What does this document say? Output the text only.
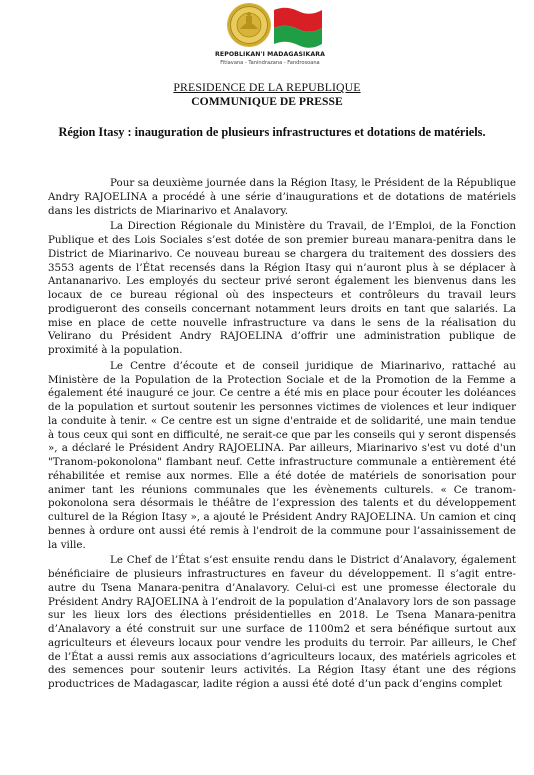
REPOBLIKAN'I MADAGASIKARA
Fitiavana - Tanindrazana - Fandrosoana
PRESIDENCE DE LA REPUBLIQUE
COMMUNIQUE DE PRESSE
Région Itasy : inauguration de plusieurs infrastructures et dotations de matériels.

Pour sa deuxième journée dans la Région Itasy, le Président de la République Andry RAJOELINA a procédé à une série d’inaugurations et de dotations de matériels dans les districts de Miarinarivo et Analavory.

La Direction Régionale du Ministère du Travail, de l’Emploi, de la Fonction Publique et des Lois Sociales s’est dotée de son premier bureau manara-penitra dans le District de Miarinarivo. Ce nouveau bureau se chargera du traitement des dossiers des 3553 agents de l’État recensés dans la Région Itasy qui n’auront plus à se déplacer à Antananarivo. Les employés du secteur privé seront également les bienvenus dans les locaux de ce bureau régional où des inspecteurs et contrôleurs du travail leurs prodigueront des conseils concernant notamment leurs droits en tant que salariés. La mise en place de cette nouvelle infrastructure va dans le sens de la réalisation du Velirano du Président Andry RAJOELINA d’offrir une administration publique de proximité à la population.

Le Centre d’écoute et de conseil juridique de Miarinarivo, rattaché au Ministère de la Population de la Protection Sociale et de la Promotion de la Femme a également été inauguré ce jour. Ce centre a été mis en place pour écouter les doléances de la population et surtout soutenir les personnes victimes de violences et leur indiquer la conduite à tenir. « Ce centre est un signe d'entraide et de solidarité, une main tendue à tous ceux qui sont en difficulté, ne serait-ce que par les conseils qui y seront dispensés », a déclaré le Président Andry RAJOELINA. Par ailleurs, Miarinarivo s'est vu doté d'un "Tranom-pokonolona" flambant neuf. Cette infrastructure communale a entièrement été réhabilitée et remise aux normes. Elle a été dotée de matériels de sonorisation pour animer tant les réunions communales que les évènements culturels. « Ce tranom-pokonolona sera désormais le théâtre de l’expression des talents et du développement culturel de la Région Itasy », a ajouté le Président Andry RAJOELINA. Un camion et cinq bennes à ordure ont aussi été remis à l'endroit de la commune pour l’assainissement de la ville.

Le Chef de l’État s’est ensuite rendu dans le District d’Analavory, également bénéficiaire de plusieurs infrastructures en faveur du développement. Il s’agit entre-autre du Tsena Manara-penitra d’Analavory. Celui-ci est une promesse électorale du Président Andry RAJOELINA à l’endroit de la population d’Analavory lors de son passage sur les lieux lors des élections présidentielles en 2018. Le Tsena Manara-penitra d’Analavory a été construit sur une surface de 1100m2 et sera bénéfique surtout aux agriculteurs et éleveurs locaux pour vendre les produits du terroir. Par ailleurs, le Chef de l’État a aussi remis aux associations d’agriculteurs locaux, des matériels agricoles et des semences pour soutenir leurs activités. La Région Itasy étant une des régions productrices de Madagascar, ladite région a aussi été doté d’un pack d’engins complet
